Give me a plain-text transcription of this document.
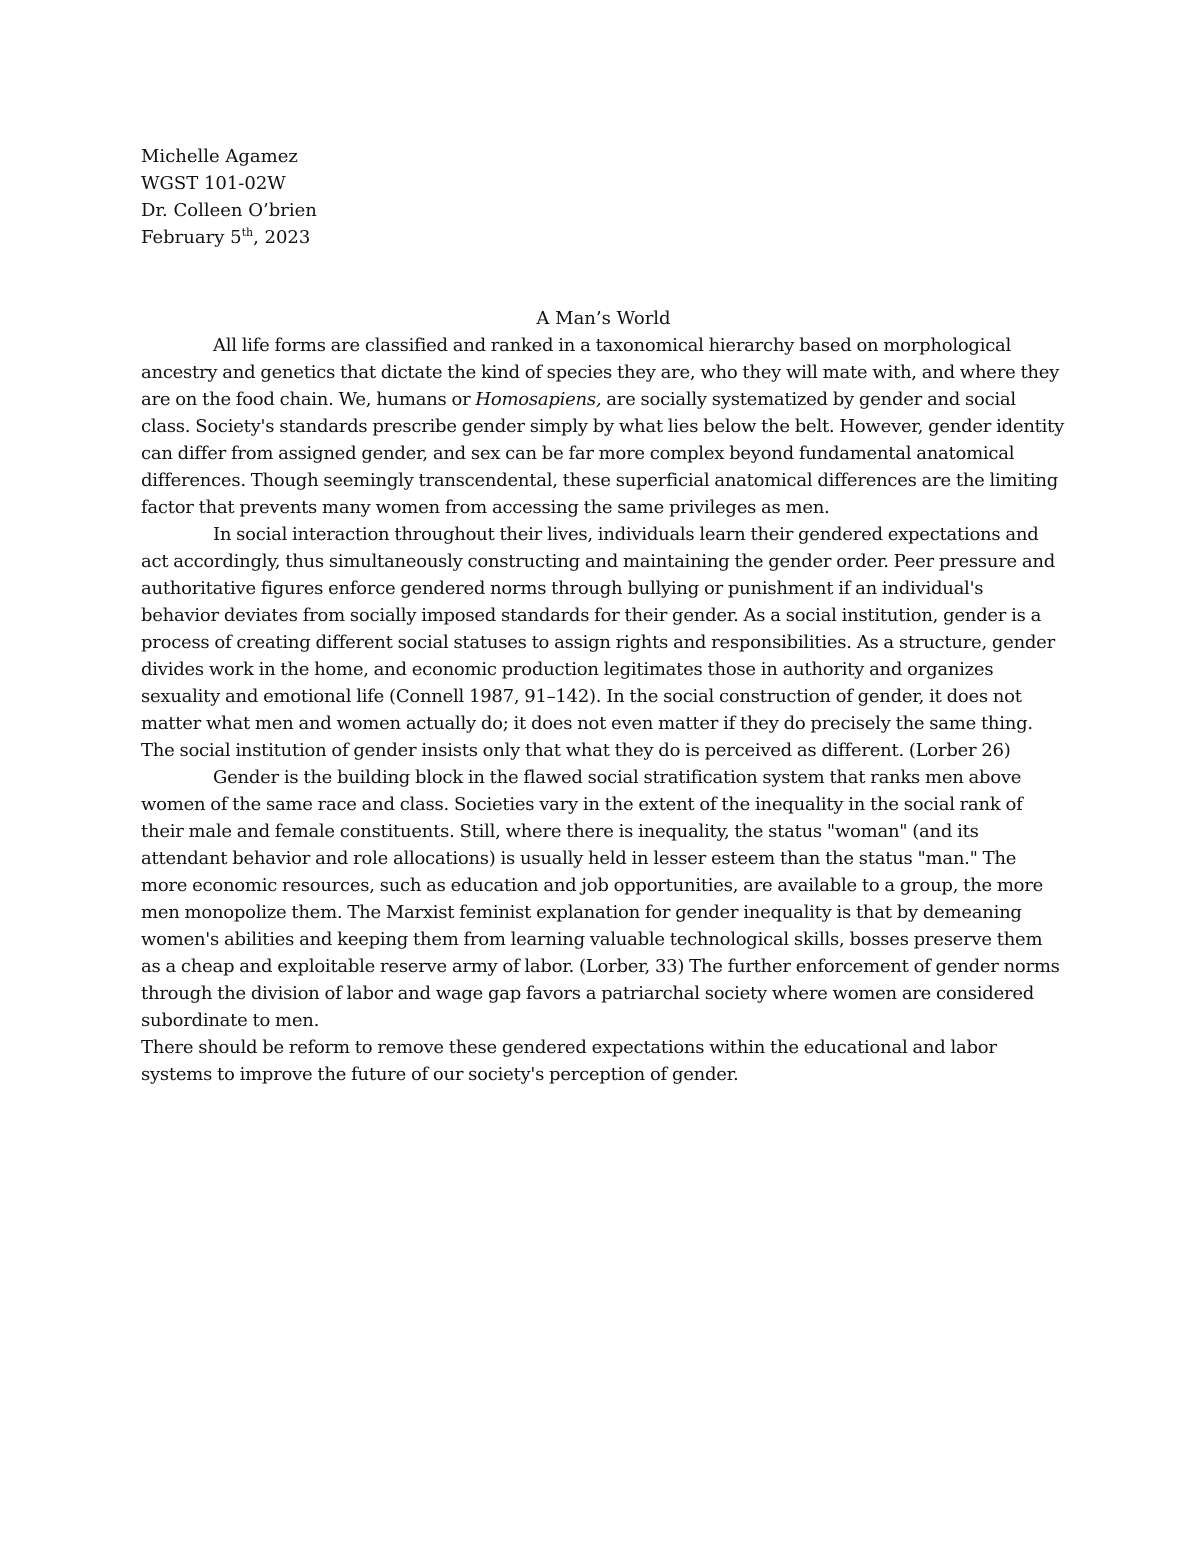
Michelle Agamez
WGST 101-02W
Dr. Colleen O’brien
February 5th, 2023
A Man’s World

All life forms are classified and ranked in a taxonomical hierarchy based on morphological ancestry and genetics that dictate the kind of species they are, who they will mate with, and where they are on the food chain. We, humans or Homosapiens, are socially systematized by gender and social class. Society's standards prescribe gender simply by what lies below the belt. However, gender identity can differ from assigned gender, and sex can be far more complex beyond fundamental anatomical differences. Though seemingly transcendental, these superficial anatomical differences are the limiting factor that prevents many women from accessing the same privileges as men.

In social interaction throughout their lives, individuals learn their gendered expectations and act accordingly, thus simultaneously constructing and maintaining the gender order. Peer pressure and authoritative figures enforce gendered norms through bullying or punishment if an individual's behavior deviates from socially imposed standards for their gender. As a social institution, gender is a process of creating different social statuses to assign rights and responsibilities. As a structure, gender divides work in the home, and economic production legitimates those in authority and organizes sexuality and emotional life (Connell 1987, 91–142). In the social construction of gender, it does not matter what men and women actually do; it does not even matter if they do precisely the same thing. The social institution of gender insists only that what they do is perceived as different. (Lorber 26)

Gender is the building block in the flawed social stratification system that ranks men above women of the same race and class. Societies vary in the extent of the inequality in the social rank of their male and female constituents. Still, where there is inequality, the status "woman" (and its attendant behavior and role allocations) is usually held in lesser esteem than the status "man." The more economic resources, such as education and job opportunities, are available to a group, the more men monopolize them. The Marxist feminist explanation for gender inequality is that by demeaning women's abilities and keeping them from learning valuable technological skills, bosses preserve them as a cheap and exploitable reserve army of labor. (Lorber, 33) The further enforcement of gender norms through the division of labor and wage gap favors a patriarchal society where women are considered subordinate to men.

There should be reform to remove these gendered expectations within the educational and labor systems to improve the future of our society's perception of gender.
